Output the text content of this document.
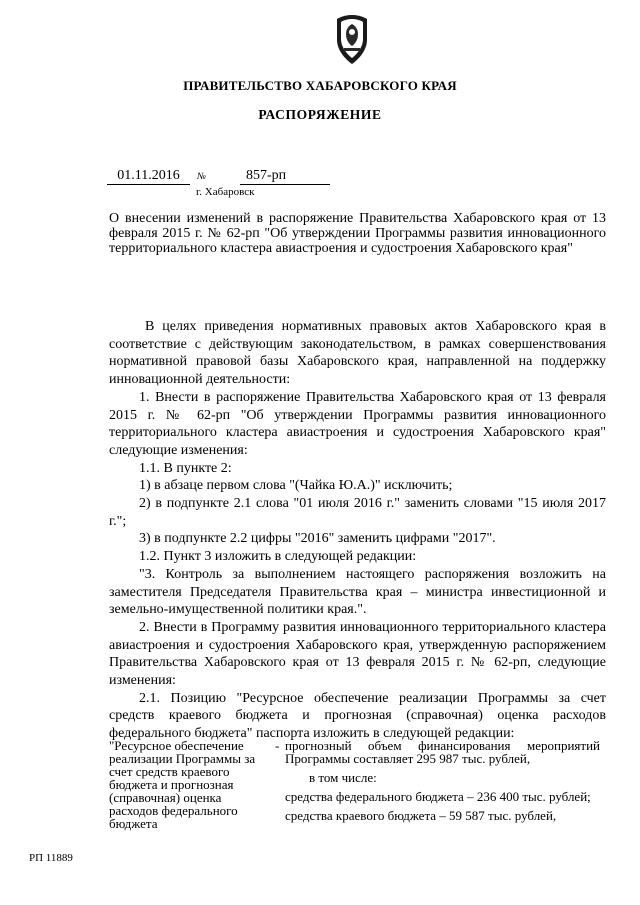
ПРАВИТЕЛЬСТВО ХАБАРОВСКОГО КРАЯ
РАСПОРЯЖЕНИЕ
01.11.2016	№	857-рп
г. Хабаровск
О внесении изменений в распоряжение Правительства Хабаровского края от 13 февраля 2015 г. № 62-рп "Об утверждении Программы развития инновационного территориального кластера авиастроения и судостроения Хабаровского края"

В целях приведения нормативных правовых актов Хабаровского края в соответствие с действующим законодательством, в рамках совершенствования нормативной правовой базы Хабаровского края, направленной на поддержку инновационной деятельности:

1. Внести в распоряжение Правительства Хабаровского края от 13 февраля 2015 г. № 62-рп "Об утверждении Программы развития инновационного территориального кластера авиастроения и судостроения Хабаровского края" следующие изменения:

1.1. В пункте 2:

1) в абзаце первом слова "(Чайка Ю.А.)" исключить;

2) в подпункте 2.1 слова "01 июля 2016 г." заменить словами "15 июля 2017 г.";

3) в подпункте 2.2 цифры "2016" заменить цифрами "2017".

1.2. Пункт 3 изложить в следующей редакции:

"3. Контроль за выполнением настоящего распоряжения возложить на заместителя Председателя Правительства края – министра инвестиционной и земельно-имущественной политики края.".

2. Внести в Программу развития инновационного территориального кластера авиастроения и судостроения Хабаровского края, утвержденную распоряжением Правительства Хабаровского края от 13 февраля 2015 г. № 62-рп, следующие изменения:

2.1. Позицию "Ресурсное обеспечение реализации Программы за счет средств краевого бюджета и прогнозная (справочная) оценка расходов федерального бюджета" паспорта изложить в следующей редакции:

"Ресурсное обеспечение реализации Программы за счет средств краевого бюджета и прогнозная (справочная) оценка расходов федерального бюджета
- прогнозный объем финансирования мероприятий Программы составляет 295 987 тыс. рублей,
в том числе:
средства федерального бюджета – 236 400 тыс. рублей;
средства краевого бюджета – 59 587 тыс. рублей,
РП 11889
